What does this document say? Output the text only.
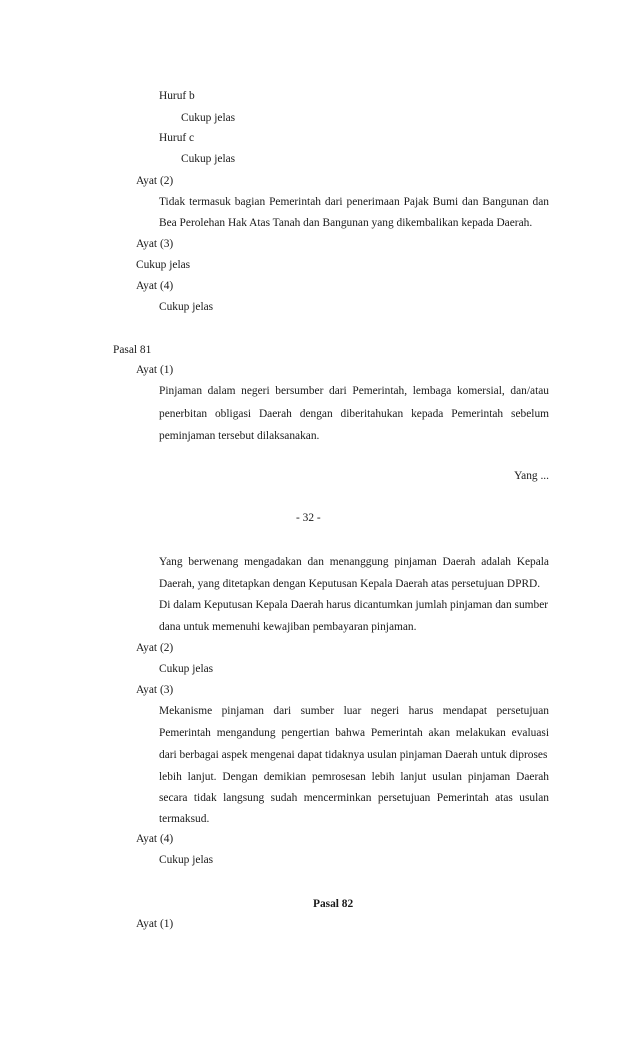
Huruf b
Cukup jelas
Huruf c
Cukup jelas
Ayat (2)
Tidak termasuk bagian Pemerintah dari penerimaan Pajak Bumi dan Bangunan dan
Bea Perolehan Hak Atas Tanah dan Bangunan yang dikembalikan kepada Daerah.
Ayat (3)
Cukup jelas
Ayat (4)
Cukup jelas
Pasal 81
Ayat (1)
Pinjaman dalam negeri bersumber dari Pemerintah, lembaga komersial, dan/atau
penerbitan obligasi Daerah dengan diberitahukan kepada Pemerintah sebelum
peminjaman tersebut dilaksanakan.
Yang ...
- 32 -
Yang berwenang mengadakan dan menanggung pinjaman Daerah adalah Kepala
Daerah, yang ditetapkan dengan Keputusan Kepala Daerah atas persetujuan DPRD.
Di dalam Keputusan Kepala Daerah harus dicantumkan jumlah pinjaman dan sumber
dana untuk memenuhi kewajiban pembayaran pinjaman.
Ayat (2)
Cukup jelas
Ayat (3)
Mekanisme pinjaman dari sumber luar negeri harus mendapat persetujuan
Pemerintah mengandung pengertian bahwa Pemerintah akan melakukan evaluasi
dari berbagai aspek mengenai dapat tidaknya usulan pinjaman Daerah untuk diproses
lebih lanjut. Dengan demikian pemrosesan lebih lanjut usulan pinjaman Daerah
secara tidak langsung sudah mencerminkan persetujuan Pemerintah atas usulan
termaksud.
Ayat (4)
Cukup jelas
Pasal 82
Ayat (1)
